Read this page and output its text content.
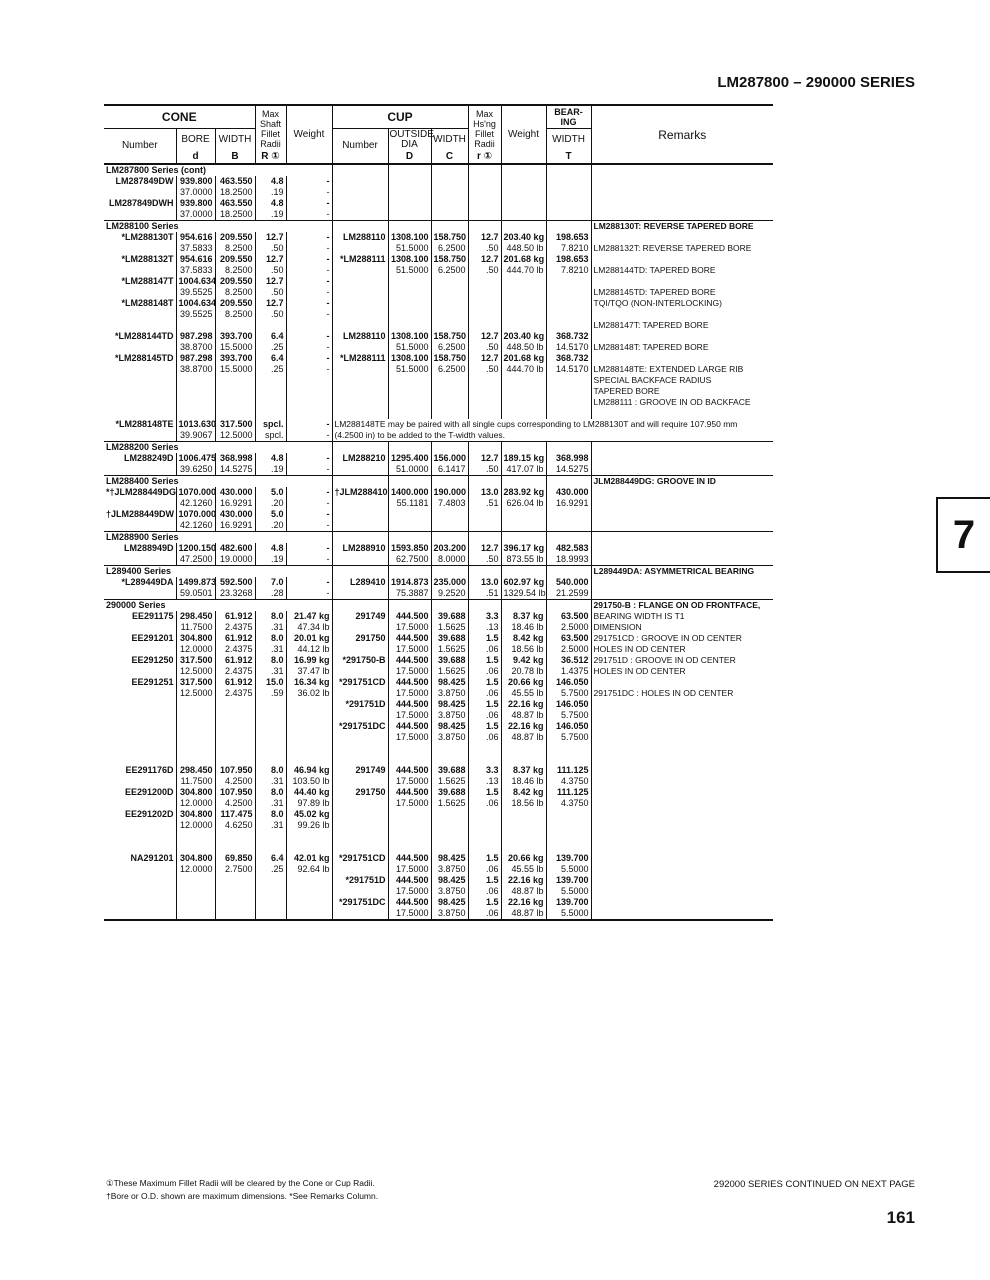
LM287800 – 290000 SERIES
CONE			Max Shaft Fillet Radii	Weight	CUP			Max Hs'ng Fillet Radii	Weight	BEAR-ING	Remarks
Number	BORE	WIDTH			Number	OUTSIDE DIA	WIDTH			WIDTH	
	d	B	R ①			D	C	r ①		T	
LM287800 Series (cont)											
LM287849DW	939.800	463.550	4.8	-							
	37.0000	18.2500	.19	-							
LM287849DWH	939.800	463.550	4.8	-							
	37.0000	18.2500	.19	-							
LM288100 Series											LM288130T: REVERSE TAPERED BORE
*LM288130T	954.616	209.550	12.7	-	LM288110	1308.100	158.750	12.7	203.40 kg	198.653	
	37.5833	8.2500	.50	-		51.5000	6.2500	.50	448.50 lb	7.8210	LM288132T: REVERSE TAPERED BORE
*LM288132T	954.616	209.550	12.7	-	*LM288111	1308.100	158.750	12.7	201.68 kg	198.653	
	37.5833	8.2500	.50	-		51.5000	6.2500	.50	444.70 lb	7.8210	LM288144TD: TAPERED BORE
*LM288147T	1004.634	209.550	12.7	-							
	39.5525	8.2500	.50	-							LM288145TD: TAPERED BORE
*LM288148T	1004.634	209.550	12.7	-							TQI/TQO (NON-INTERLOCKING)
	39.5525	8.2500	.50	-							
											LM288147T: TAPERED BORE
*LM288144TD	987.298	393.700	6.4	-	LM288110	1308.100	158.750	12.7	203.40 kg	368.732	
	38.8700	15.5000	.25	-		51.5000	6.2500	.50	448.50 lb	14.5170	LM288148T: TAPERED BORE
*LM288145TD	987.298	393.700	6.4	-	*LM288111	1308.100	158.750	12.7	201.68 kg	368.732	
	38.8700	15.5000	.25	-		51.5000	6.2500	.50	444.70 lb	14.5170	LM288148TE: EXTENDED LARGE RIB
											SPECIAL BACKFACE RADIUS
											TAPERED BORE
											LM288111 : GROOVE IN OD BACKFACE

*LM288148TE	1013.630	317.500	spcl.	-	LM288148TE may be paired with all single cups corresponding to LM288130T and will require 107.950 mm						
	39.9067	12.5000	spcl.	-	(4.2500 in) to be added to the T-width values.						
LM288200 Series											
LM288249D	1006.475	368.998	4.8	-	LM288210	1295.400	156.000	12.7	189.15 kg	368.998	
	39.6250	14.5275	.19	-		51.0000	6.1417	.50	417.07 lb	14.5275	
LM288400 Series											JLM288449DG: GROOVE IN ID
*†JLM288449DG	1070.000	430.000	5.0	-	†JLM288410	1400.000	190.000	13.0	283.92 kg	430.000	
	42.1260	16.9291	.20	-		55.1181	7.4803	.51	626.04 lb	16.9291	
†JLM288449DW	1070.000	430.000	5.0	-							
	42.1260	16.9291	.20	-							
LM288900 Series											
LM288949D	1200.150	482.600	4.8	-	LM288910	1593.850	203.200	12.7	396.17 kg	482.583	
	47.2500	19.0000	.19	-		62.7500	8.0000	.50	873.55 lb	18.9993	
L289400 Series											L289449DA: ASYMMETRICAL BEARING
*L289449DA	1499.873	592.500	7.0	-	L289410	1914.873	235.000	13.0	602.97 kg	540.000	
	59.0501	23.3268	.28	-		75.3887	9.2520	.51	1329.54 lb	21.2599	
290000 Series											291750-B : FLANGE ON OD FRONTFACE,
EE291175	298.450	61.912	8.0	21.47 kg	291749	444.500	39.688	3.3	8.37 kg	63.500	BEARING WIDTH IS T1
	11.7500	2.4375	.31	47.34 lb		17.5000	1.5625	.13	18.46 lb	2.5000	DIMENSION
EE291201	304.800	61.912	8.0	20.01 kg	291750	444.500	39.688	1.5	8.42 kg	63.500	291751CD : GROOVE IN OD CENTER
	12.0000	2.4375	.31	44.12 lb		17.5000	1.5625	.06	18.56 lb	2.5000	HOLES IN OD CENTER
EE291250	317.500	61.912	8.0	16.99 kg	*291750-B	444.500	39.688	1.5	9.42 kg	36.512	291751D : GROOVE IN OD CENTER
	12.5000	2.4375	.31	37.47 lb		17.5000	1.5625	.06	20.78 lb	1.4375	HOLES IN OD CENTER
EE291251	317.500	61.912	15.0	16.34 kg	*291751CD	444.500	98.425	1.5	20.66 kg	146.050	
	12.5000	2.4375	.59	36.02 lb		17.5000	3.8750	.06	45.55 lb	5.7500	291751DC : HOLES IN OD CENTER
					*291751D	444.500	98.425	1.5	22.16 kg	146.050	
						17.5000	3.8750	.06	48.87 lb	5.7500	
					*291751DC	444.500	98.425	1.5	22.16 kg	146.050	
						17.5000	3.8750	.06	48.87 lb	5.7500	

EE291176D	298.450	107.950	8.0	46.94 kg	291749	444.500	39.688	3.3	8.37 kg	111.125	
	11.7500	4.2500	.31	103.50 lb		17.5000	1.5625	.13	18.46 lb	4.3750	
EE291200D	304.800	107.950	8.0	44.40 kg	291750	444.500	39.688	1.5	8.42 kg	111.125	
	12.0000	4.2500	.31	97.89 lb		17.5000	1.5625	.06	18.56 lb	4.3750	
EE291202D	304.800	117.475	8.0	45.02 kg							
	12.0000	4.6250	.31	99.26 lb							

NA291201	304.800	69.850	6.4	42.01 kg	*291751CD	444.500	98.425	1.5	20.66 kg	139.700	
	12.0000	2.7500	.25	92.64 lb		17.5000	3.8750	.06	45.55 lb	5.5000	
					*291751D	444.500	98.425	1.5	22.16 kg	139.700	
						17.5000	3.8750	.06	48.87 lb	5.5000	
					*291751DC	444.500	98.425	1.5	22.16 kg	139.700	
						17.5000	3.8750	.06	48.87 lb	5.5000	
7
①These Maximum Fillet Radii will be cleared by the Cone or Cup Radii.
†Bore or O.D. shown are maximum dimensions. *See Remarks Column.
292000 SERIES CONTINUED ON NEXT PAGE
161
